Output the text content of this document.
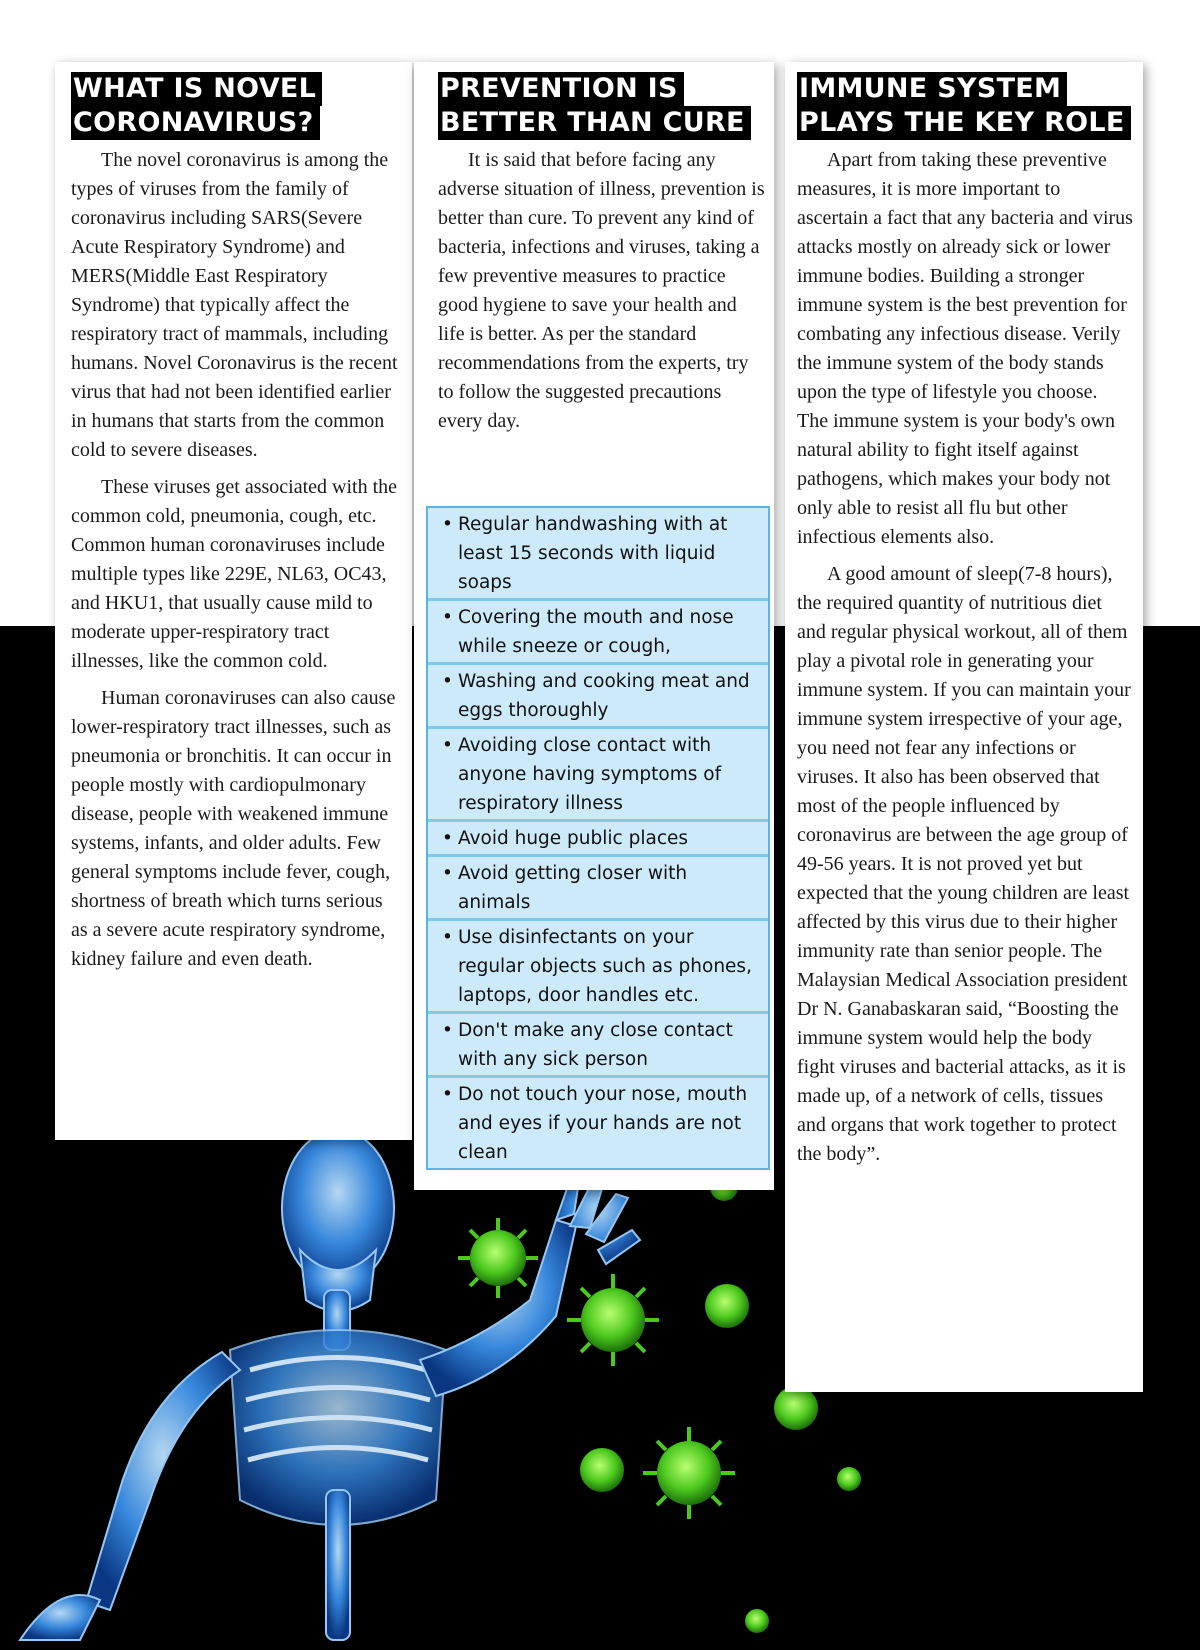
WHAT IS NOVEL
CORONAVIRUS?

The novel coronavirus is among the types of viruses from the family of coronavirus including SARS(Severe Acute Respiratory Syndrome) and MERS(Middle East Respiratory Syndrome) that typically affect the respiratory tract of mammals, including humans. Novel Coronavirus is the recent virus that had not been identified earlier in humans that starts from the common cold to severe diseases.

These viruses get associated with the common cold, pneumonia, cough, etc. Common human coronaviruses include multiple types like 229E, NL63, OC43, and HKU1, that usually cause mild to moderate upper-respiratory tract illnesses, like the common cold.

Human coronaviruses can also cause lower-respiratory tract illnesses, such as pneumonia or bronchitis. It can occur in people mostly with cardiopulmonary disease, people with weakened immune systems, infants, and older adults. Few general symptoms include fever, cough, shortness of breath which turns serious as a severe acute respiratory syndrome, kidney failure and even death.

PREVENTION IS
BETTER THAN CURE

It is said that before facing any adverse situation of illness, prevention is better than cure. To prevent any kind of bacteria, infections and viruses, taking a few preventive measures to practice good hygiene to save your health and life is better. As per the standard recommendations from the experts, try to follow the suggested precautions every day.

• Regular handwashing with at least 15 seconds with liquid soaps
• Covering the mouth and nose while sneeze or cough,
• Washing and cooking meat and eggs thoroughly
• Avoiding close contact with anyone having symptoms of respiratory illness
• Avoid huge public places
• Avoid getting closer with animals
• Use disinfectants on your regular objects such as phones, laptops, door handles etc.
• Don't make any close contact with any sick person
• Do not touch your nose, mouth and eyes if your hands are not clean
IMMUNE SYSTEM
PLAYS THE KEY ROLE

Apart from taking these preventive measures, it is more important to ascertain a fact that any bacteria and virus attacks mostly on already sick or lower immune bodies. Building a stronger immune system is the best prevention for combating any infectious disease. Verily the immune system of the body stands upon the type of lifestyle you choose. The immune system is your body's own natural ability to fight itself against pathogens, which makes your body not only able to resist all flu but other infectious elements also.

A good amount of sleep(7-8 hours), the required quantity of nutritious diet and regular physical workout, all of them play a pivotal role in generating your immune system. If you can maintain your immune system irrespective of your age, you need not fear any infections or viruses. It also has been observed that most of the people influenced by coronavirus are between the age group of 49-56 years. It is not proved yet but expected that the young children are least affected by this virus due to their higher immunity rate than senior people. The Malaysian Medical Association president Dr N. Ganabaskaran said, “Boosting the immune system would help the body fight viruses and bacterial attacks, as it is made up, of a network of cells, tissues and organs that work together to protect the body”.
